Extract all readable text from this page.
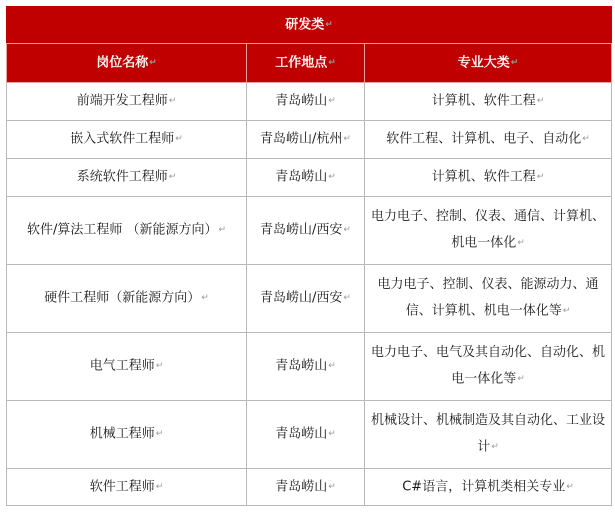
研发类↵		
岗位名称↵	工作地点↵	专业大类↵
前端开发工程师↵	青岛崂山↵	计算机、软件工程↵
嵌入式软件工程师↵	青岛崂山/杭州↵	软件工程、计算机、电子、自动化↵
系统软件工程师↵	青岛崂山↵	计算机、软件工程↵
软件/算法工程师 （新能源方向）↵	青岛崂山/西安↵	电力电子、控制、仪表、通信、计算机、机电一体化↵
硬件工程师（新能源方向）↵	青岛崂山/西安↵	电力电子、控制、仪表、能源动力、通信、计算机、机电一体化等↵
电气工程师↵	青岛崂山↵	电力电子、电气及其自动化、自动化、机电一体化等↵
机械工程师↵	青岛崂山↵	机械设计、机械制造及其自动化、工业设计↵
软件工程师↵	青岛崂山↵	C#语言，计算机类相关专业↵
